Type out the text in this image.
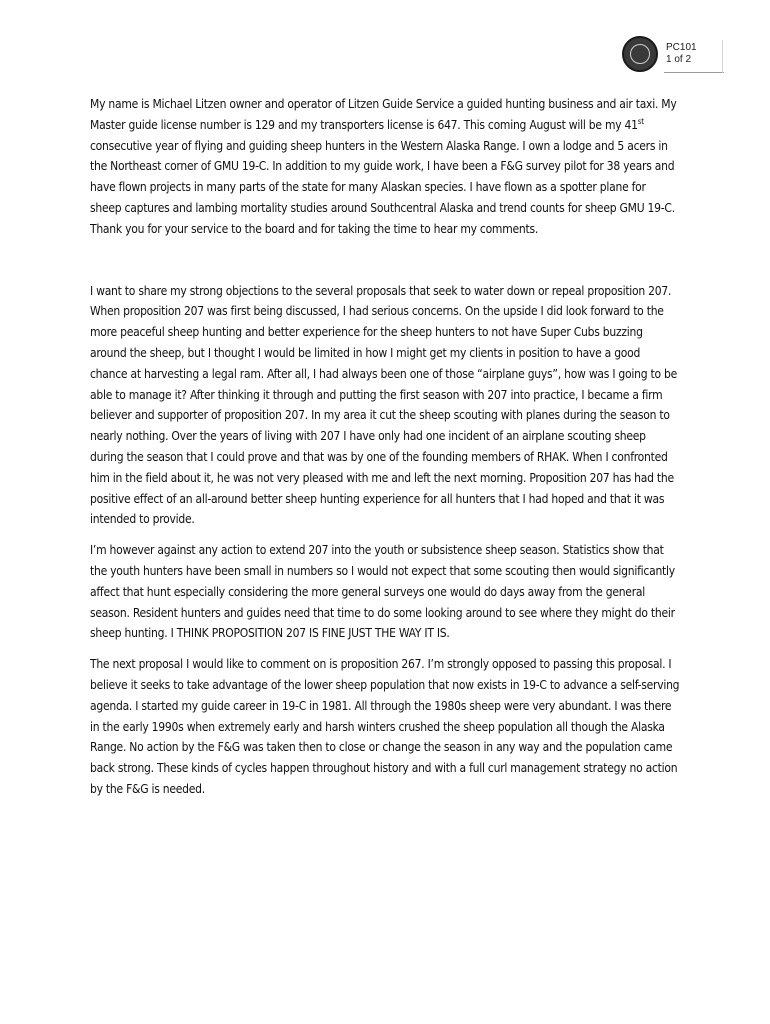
PC101
1 of 2

My name is Michael Litzen owner and operator of Litzen Guide Service a guided hunting business and air taxi. My Master guide license number is 129 and my transporters license is 647. This coming August will be my 41st consecutive year of flying and guiding sheep hunters in the Western Alaska Range. I own a lodge and 5 acers in the Northeast corner of GMU 19-C. In addition to my guide work, I have been a F&G survey pilot for 38 years and have flown projects in many parts of the state for many Alaskan species. I have flown as a spotter plane for sheep captures and lambing mortality studies around Southcentral Alaska and trend counts for sheep GMU 19-C. Thank you for your service to the board and for taking the time to hear my comments.

I want to share my strong objections to the several proposals that seek to water down or repeal proposition 207. When proposition 207 was first being discussed, I had serious concerns. On the upside I did look forward to the more peaceful sheep hunting and better experience for the sheep hunters to not have Super Cubs buzzing around the sheep, but I thought I would be limited in how I might get my clients in position to have a good chance at harvesting a legal ram. After all, I had always been one of those “airplane guys”, how was I going to be able to manage it? After thinking it through and putting the first season with 207 into practice, I became a firm believer and supporter of proposition 207. In my area it cut the sheep scouting with planes during the season to nearly nothing. Over the years of living with 207 I have only had one incident of an airplane scouting sheep during the season that I could prove and that was by one of the founding members of RHAK. When I confronted him in the field about it, he was not very pleased with me and left the next morning. Proposition 207 has had the positive effect of an all-around better sheep hunting experience for all hunters that I had hoped and that it was intended to provide.

I’m however against any action to extend 207 into the youth or subsistence sheep season. Statistics show that the youth hunters have been small in numbers so I would not expect that some scouting then would significantly affect that hunt especially considering the more general surveys one would do days away from the general season. Resident hunters and guides need that time to do some looking around to see where they might do their sheep hunting. I THINK PROPOSITION 207 IS FINE JUST THE WAY IT IS.

The next proposal I would like to comment on is proposition 267. I’m strongly opposed to passing this proposal. I believe it seeks to take advantage of the lower sheep population that now exists in 19-C to advance a self-serving agenda. I started my guide career in 19-C in 1981. All through the 1980s sheep were very abundant. I was there in the early 1990s when extremely early and harsh winters crushed the sheep population all though the Alaska Range. No action by the F&G was taken then to close or change the season in any way and the population came back strong. These kinds of cycles happen throughout history and with a full curl management strategy no action by the F&G is needed.
